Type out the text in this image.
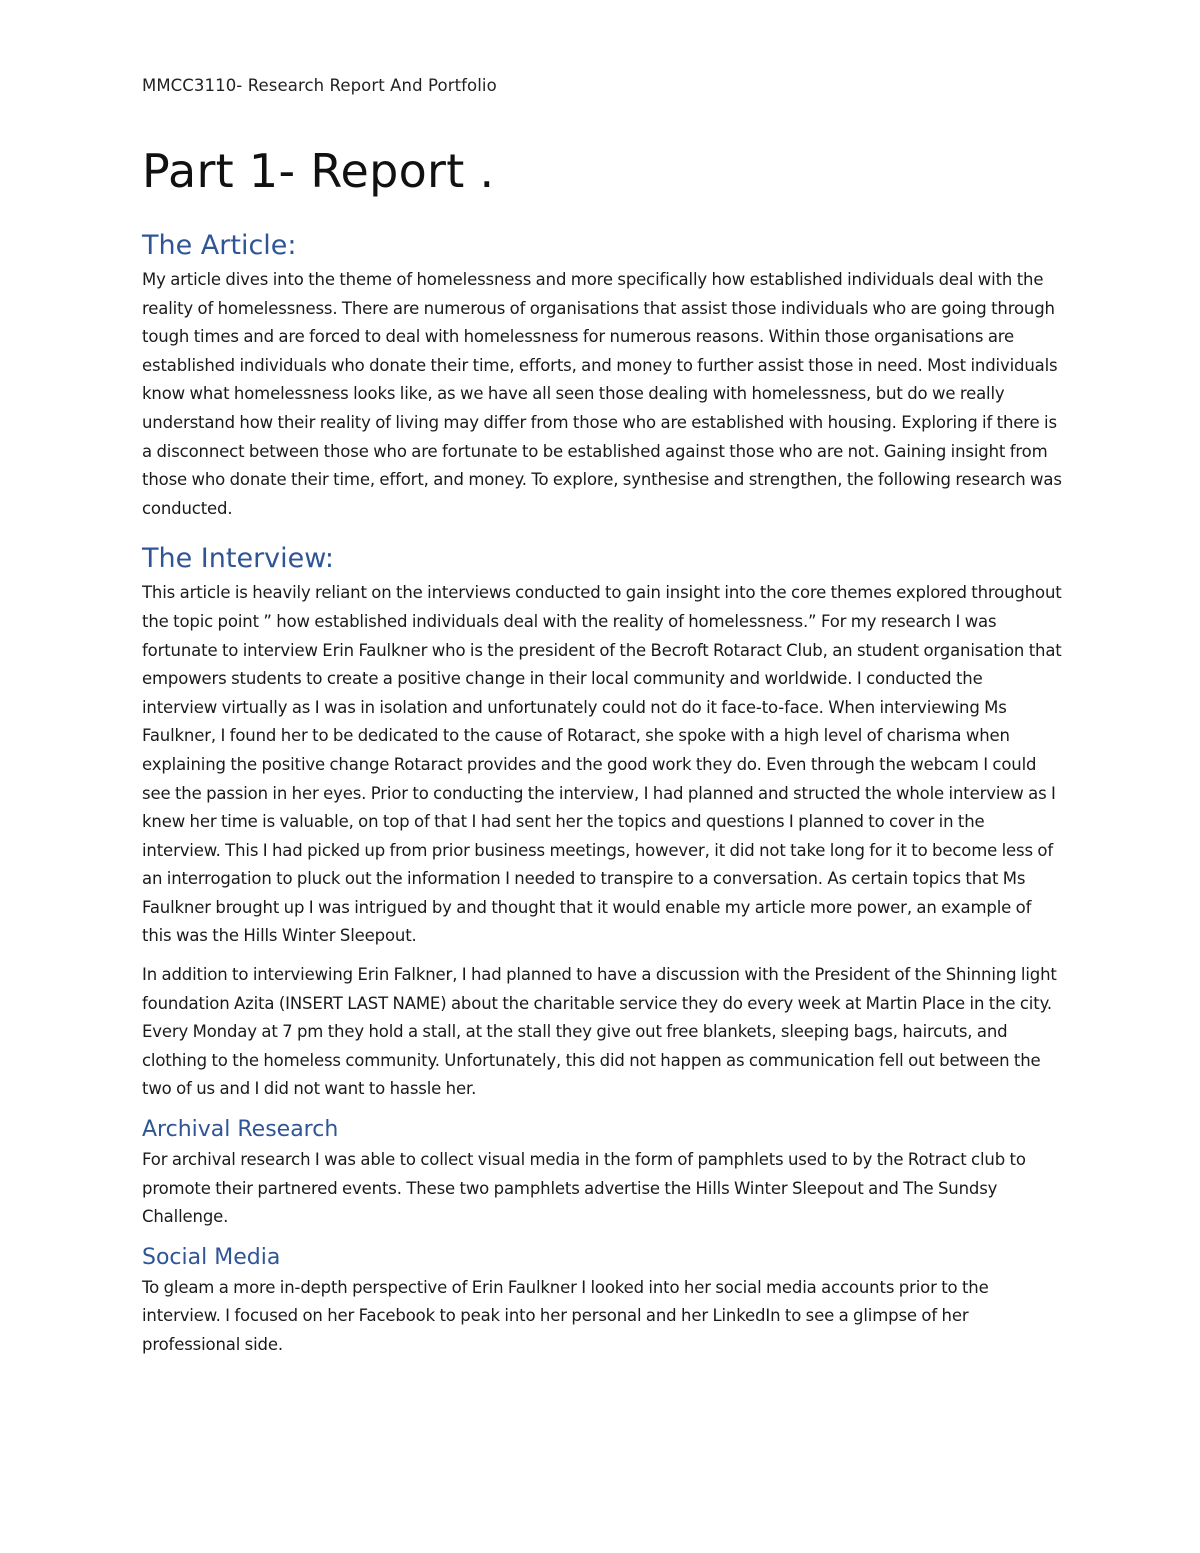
MMCC3110- Research Report And Portfolio

Part 1- Report .
The Article:

My article dives into the theme of homelessness and more specifically how established individuals deal with the reality of homelessness. There are numerous of organisations that assist those individuals who are going through tough times and are forced to deal with homelessness for numerous reasons. Within those organisations are established individuals who donate their time, efforts, and money to further assist those in need. Most individuals know what homelessness looks like, as we have all seen those dealing with homelessness, but do we really understand how their reality of living may differ from those who are established with housing. Exploring if there is a disconnect between those who are fortunate to be established against those who are not. Gaining insight from those who donate their time, effort, and money. To explore, synthesise and strengthen, the following research was conducted.

The Interview:

This article is heavily reliant on the interviews conducted to gain insight into the core themes explored throughout the topic point ” how established individuals deal with the reality of homelessness.” For my research I was fortunate to interview Erin Faulkner who is the president of the Becroft Rotaract Club, an student organisation that empowers students to create a positive change in their local community and worldwide. I conducted the interview virtually as I was in isolation and unfortunately could not do it face-to-face. When interviewing Ms Faulkner, I found her to be dedicated to the cause of Rotaract, she spoke with a high level of charisma when explaining the positive change Rotaract provides and the good work they do. Even through the webcam I could see the passion in her eyes. Prior to conducting the interview, I had planned and structed the whole interview as I knew her time is valuable, on top of that I had sent her the topics and questions I planned to cover in the interview. This I had picked up from prior business meetings, however, it did not take long for it to become less of an interrogation to pluck out the information I needed to transpire to a conversation. As certain topics that Ms Faulkner brought up I was intrigued by and thought that it would enable my article more power, an example of this was the Hills Winter Sleepout.

In addition to interviewing Erin Falkner, I had planned to have a discussion with the President of the Shinning light foundation Azita (INSERT LAST NAME) about the charitable service they do every week at Martin Place in the city. Every Monday at 7 pm they hold a stall, at the stall they give out free blankets, sleeping bags, haircuts, and clothing to the homeless community. Unfortunately, this did not happen as communication fell out between the two of us and I did not want to hassle her.

Archival Research

For archival research I was able to collect visual media in the form of pamphlets used to by the Rotract club to promote their partnered events. These two pamphlets advertise the Hills Winter Sleepout and The Sundsy Challenge.

Social Media

To gleam a more in-depth perspective of Erin Faulkner I looked into her social media accounts prior to the interview. I focused on her Facebook to peak into her personal and her LinkedIn to see a glimpse of her professional side.
